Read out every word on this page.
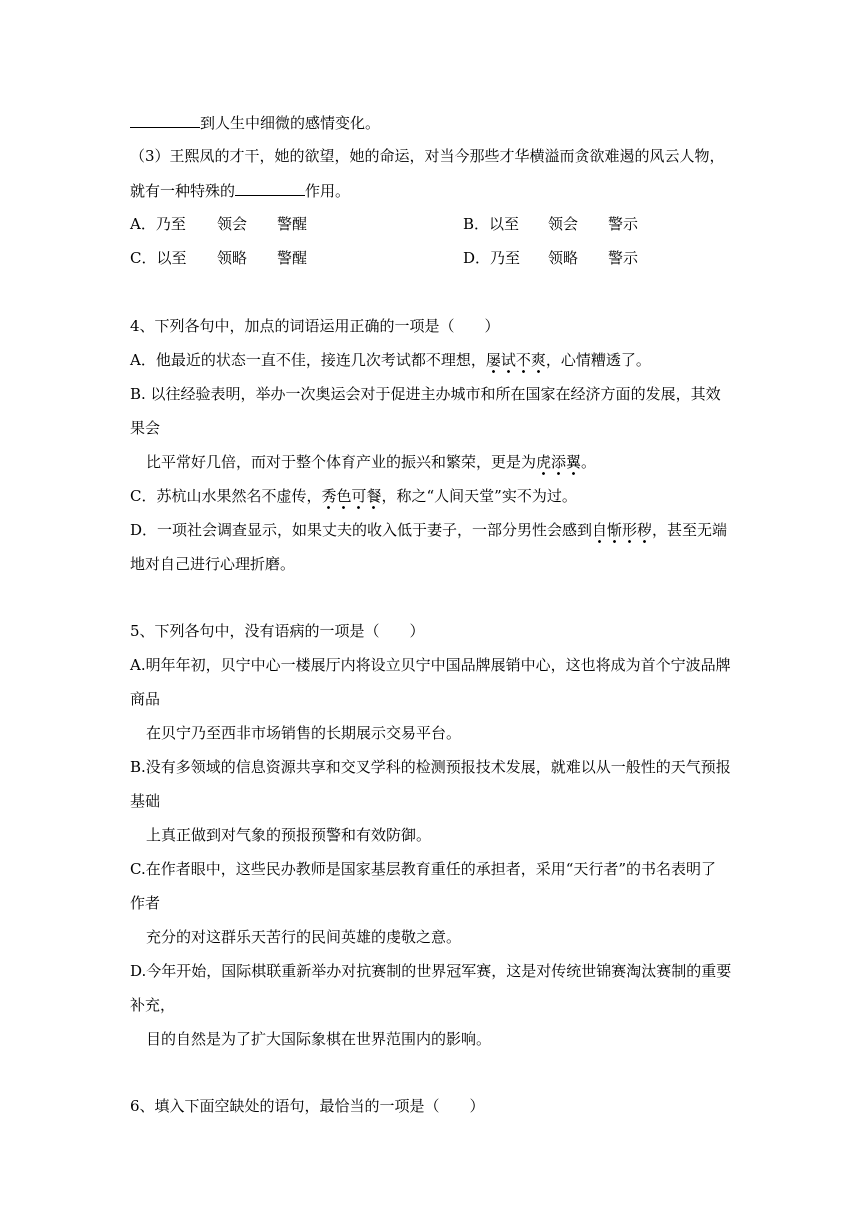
到人生中细微的感情变化。
（3）王熙凤的才干，她的欲望，她的命运，对当今那些才华横溢而贪欲难遏的风云人物，
就有一种特殊的	作用。
A．乃至 领会 警醒	B．以至 领会 警示
C．以至 领略 警醒	D．乃至 领略 警示
4、下列各句中，加点的词语运用正确的一项是（　　）
A．他最近的状态一直不佳，接连几次考试都不理想，屡试不爽，心情糟透了。
B. 以往经验表明，举办一次奥运会对于促进主办城市和所在国家在经济方面的发展，其效
果会
比平常好几倍，而对于整个体育产业的振兴和繁荣，更是为虎添翼。
C．苏杭山水果然名不虚传，秀色可餐，称之“人间天堂”实不为过。
D．一项社会调查显示，如果丈夫的收入低于妻子，一部分男性会感到自惭形秽，甚至无端
地对自己进行心理折磨。
5、下列各句中，没有语病的一项是（　　）
A.明年年初，贝宁中心一楼展厅内将设立贝宁中国品牌展销中心，这也将成为首个宁波品牌
商品
在贝宁乃至西非市场销售的长期展示交易平台。
B.没有多领域的信息资源共享和交叉学科的检测预报技术发展，就难以从一般性的天气预报
基础
上真正做到对气象的预报预警和有效防御。
C.在作者眼中，这些民办教师是国家基层教育重任的承担者，采用“天行者”的书名表明了
作者
充分的对这群乐天苦行的民间英雄的虔敬之意。
D.今年开始，国际棋联重新举办对抗赛制的世界冠军赛，这是对传统世锦赛淘汰赛制的重要
补充，
目的自然是为了扩大国际象棋在世界范围内的影响。
6、填入下面空缺处的语句，最恰当的一项是（　　）
